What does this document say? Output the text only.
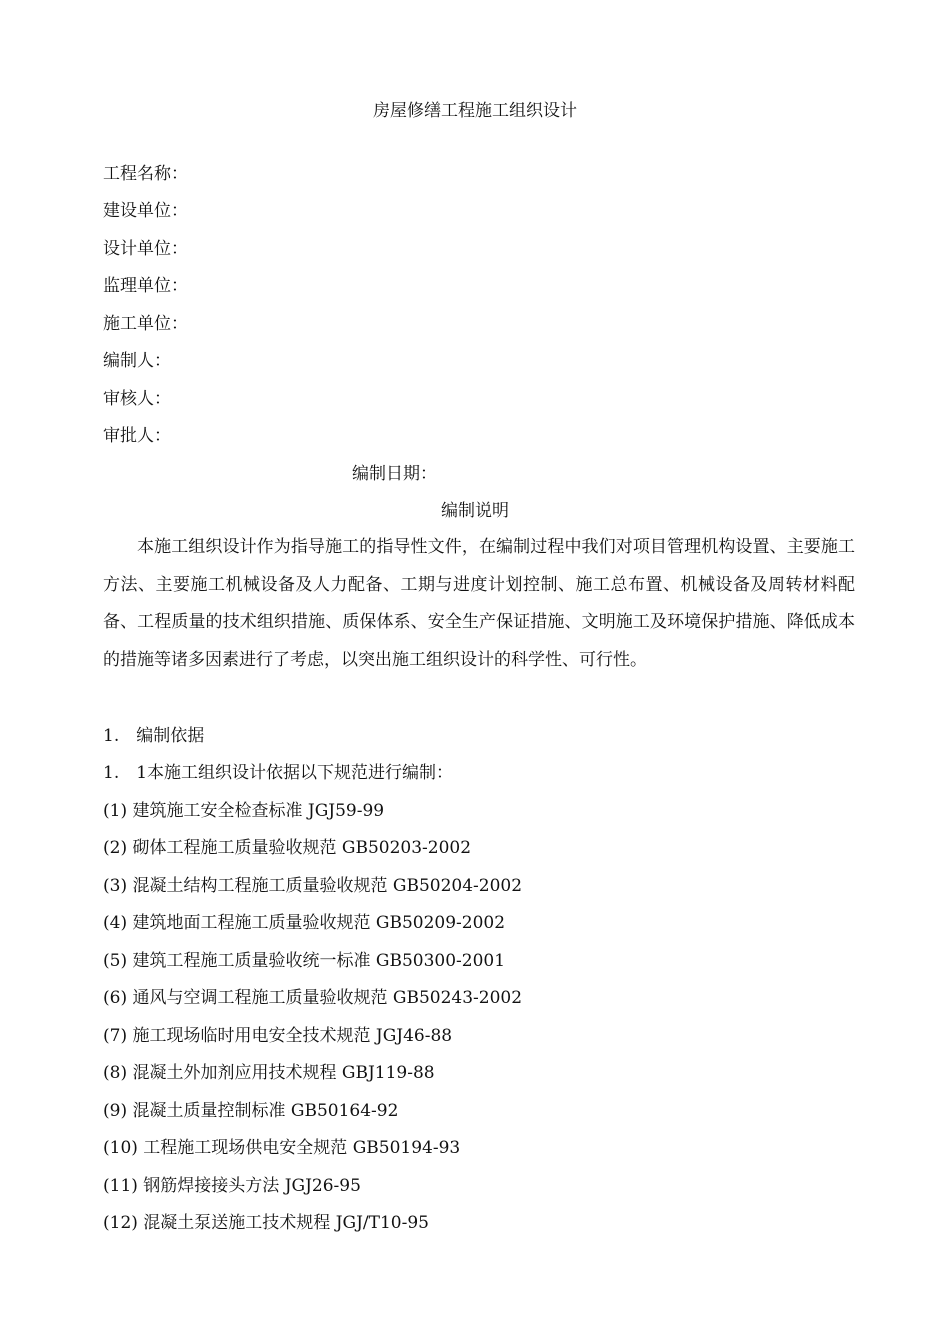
房屋修缮工程施工组织设计
工程名称：
建设单位：
设计单位：
监理单位：
施工单位：
编制人：
审核人：
审批人：
编制日期：
编制说明
本施工组织设计作为指导施工的指导性文件，在编制过程中我们对项目管理机构设置、主要施工方法、主要施工机械设备及人力配备、工期与进度计划控制、施工总布置、机械设备及周转材料配备、工程质量的技术组织措施、质保体系、安全生产保证措施、文明施工及环境保护措施、降低成本的措施等诸多因素进行了考虑，以突出施工组织设计的科学性、可行性。
1.　编制依据
1.　1本施工组织设计依据以下规范进行编制：
(1) 建筑施工安全检查标准 JGJ59-99
(2) 砌体工程施工质量验收规范 GB50203-2002
(3) 混凝土结构工程施工质量验收规范 GB50204-2002
(4) 建筑地面工程施工质量验收规范 GB50209-2002
(5) 建筑工程施工质量验收统一标准 GB50300-2001
(6) 通风与空调工程施工质量验收规范 GB50243-2002
(7) 施工现场临时用电安全技术规范 JGJ46-88
(8) 混凝土外加剂应用技术规程 GBJ119-88
(9) 混凝土质量控制标准 GB50164-92
(10) 工程施工现场供电安全规范 GB50194-93
(11) 钢筋焊接接头方法 JGJ26-95
(12) 混凝土泵送施工技术规程 JGJ/T10-95
